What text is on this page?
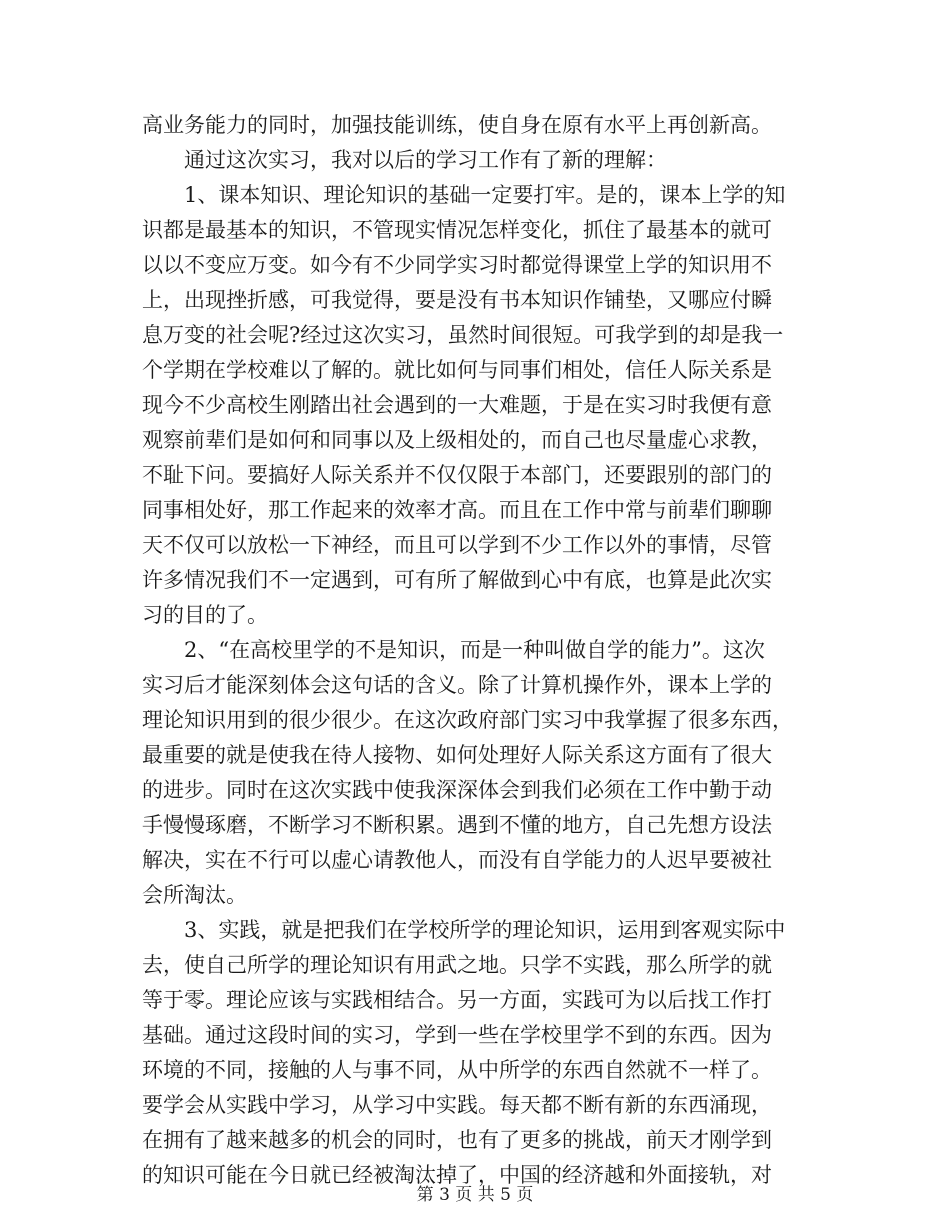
高业务能力的同时，加强技能训练，使自身在原有水平上再创新高。
通过这次实习，我对以后的学习工作有了新的理解：
1、课本知识、理论知识的基础一定要打牢。是的，课本上学的知
识都是最基本的知识，不管现实情况怎样变化，抓住了最基本的就可
以以不变应万变。如今有不少同学实习时都觉得课堂上学的知识用不
上，出现挫折感，可我觉得，要是没有书本知识作铺垫，又哪应付瞬
息万变的社会呢?经过这次实习，虽然时间很短。可我学到的却是我一
个学期在学校难以了解的。就比如何与同事们相处，信任人际关系是
现今不少高校生刚踏出社会遇到的一大难题，于是在实习时我便有意
观察前辈们是如何和同事以及上级相处的，而自己也尽量虚心求教，
不耻下问。要搞好人际关系并不仅仅限于本部门，还要跟别的部门的
同事相处好，那工作起来的效率才高。而且在工作中常与前辈们聊聊
天不仅可以放松一下神经，而且可以学到不少工作以外的事情，尽管
许多情况我们不一定遇到，可有所了解做到心中有底，也算是此次实
习的目的了。
2、“在高校里学的不是知识，而是一种叫做自学的能力”。这次
实习后才能深刻体会这句话的含义。除了计算机操作外，课本上学的
理论知识用到的很少很少。在这次政府部门实习中我掌握了很多东西，
最重要的就是使我在待人接物、如何处理好人际关系这方面有了很大
的进步。同时在这次实践中使我深深体会到我们必须在工作中勤于动
手慢慢琢磨，不断学习不断积累。遇到不懂的地方，自己先想方设法
解决，实在不行可以虚心请教他人，而没有自学能力的人迟早要被社
会所淘汰。
3、实践，就是把我们在学校所学的理论知识，运用到客观实际中
去，使自己所学的理论知识有用武之地。只学不实践，那么所学的就
等于零。理论应该与实践相结合。另一方面，实践可为以后找工作打
基础。通过这段时间的实习，学到一些在学校里学不到的东西。因为
环境的不同，接触的人与事不同，从中所学的东西自然就不一样了。
要学会从实践中学习，从学习中实践。每天都不断有新的东西涌现，
在拥有了越来越多的机会的同时，也有了更多的挑战，前天才刚学到
的知识可能在今日就已经被淘汰掉了，中国的经济越和外面接轨，对
第 3 页 共 5 页
